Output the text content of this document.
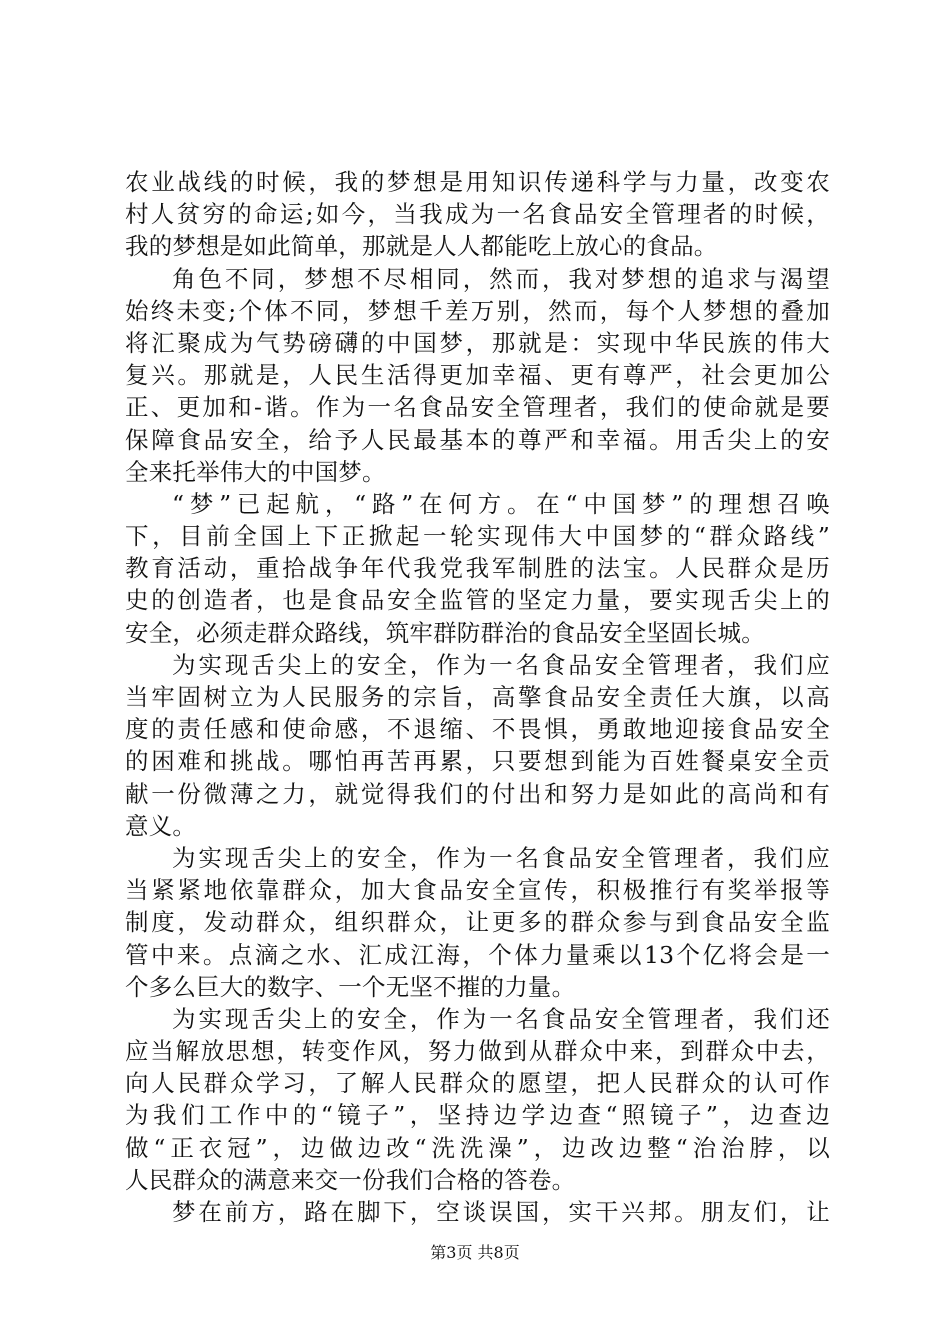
农业战线的时候，我的梦想是用知识传递科学与力量，改变农
村人贫穷的命运;如今，当我成为一名食品安全管理者的时候，
我的梦想是如此简单，那就是人人都能吃上放心的食品。
角色不同，梦想不尽相同，然而，我对梦想的追求与渴望
始终未变;个体不同，梦想千差万别，然而，每个人梦想的叠加
将汇聚成为气势磅礴的中国梦，那就是：实现中华民族的伟大
复兴。那就是，人民生活得更加幸福、更有尊严，社会更加公
正、更加和-谐。作为一名食品安全管理者，我们的使命就是要
保障食品安全，给予人民最基本的尊严和幸福。用舌尖上的安
全来托举伟大的中国梦。
“梦”已起航，“路”在何方。在“中国梦”的理想召唤
下，目前全国上下正掀起一轮实现伟大中国梦的“群众路线”
教育活动，重拾战争年代我党我军制胜的法宝。人民群众是历
史的创造者，也是食品安全监管的坚定力量，要实现舌尖上的
安全，必须走群众路线，筑牢群防群治的食品安全坚固长城。
为实现舌尖上的安全，作为一名食品安全管理者，我们应
当牢固树立为人民服务的宗旨，高擎食品安全责任大旗，以高
度的责任感和使命感，不退缩、不畏惧，勇敢地迎接食品安全
的困难和挑战。哪怕再苦再累，只要想到能为百姓餐桌安全贡
献一份微薄之力，就觉得我们的付出和努力是如此的高尚和有
意义。
为实现舌尖上的安全，作为一名食品安全管理者，我们应
当紧紧地依靠群众，加大食品安全宣传，积极推行有奖举报等
制度，发动群众，组织群众，让更多的群众参与到食品安全监
管中来。点滴之水、汇成江海，个体力量乘以13个亿将会是一
个多么巨大的数字、一个无坚不摧的力量。
为实现舌尖上的安全，作为一名食品安全管理者，我们还
应当解放思想，转变作风，努力做到从群众中来，到群众中去，
向人民群众学习，了解人民群众的愿望，把人民群众的认可作
为我们工作中的“镜子”，坚持边学边查“照镜子”，边查边
做“正衣冠”，边做边改“洗洗澡”，边改边整“治治脖，以
人民群众的满意来交一份我们合格的答卷。
梦在前方，路在脚下，空谈误国，实干兴邦。朋友们，让
第3页 共8页
